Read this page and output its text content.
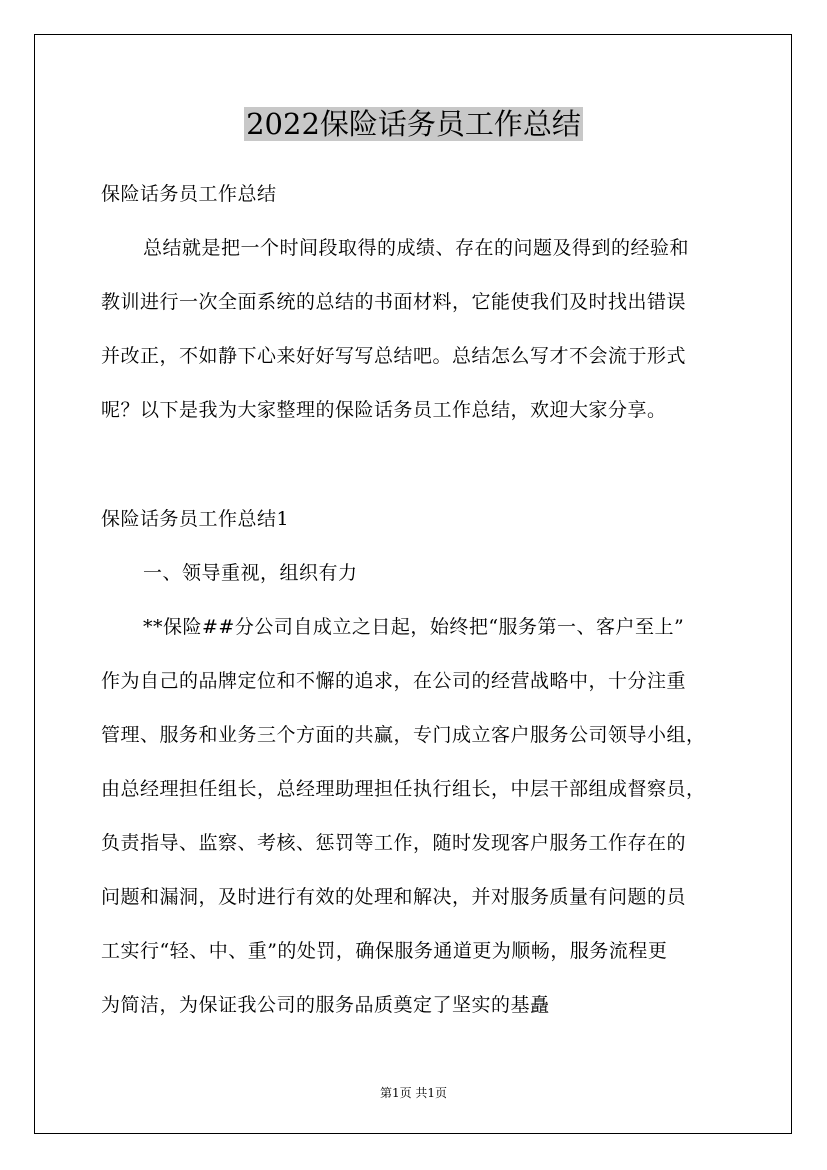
2022保险话务员工作总结

保险话务员工作总结

总结就是把一个时间段取得的成绩、存在的问题及得到的经验和

教训进行一次全面系统的总结的书面材料，它能使我们及时找出错误

并改正，不如静下心来好好写写总结吧。总结怎么写才不会流于形式

呢？以下是我为大家整理的保险话务员工作总结，欢迎大家分享。

保险话务员工作总结1

一、领导重视，组织有力

**保险##分公司自成立之日起，始终把“服务第一、客户至上”

作为自己的品牌定位和不懈的追求，在公司的经营战略中，十分注重

管理、服务和业务三个方面的共赢，专门成立客户服务公司领导小组，

由总经理担任组长，总经理助理担任执行组长，中层干部组成督察员，

负责指导、监察、考核、惩罚等工作，随时发现客户服务工作存在的

问题和漏洞，及时进行有效的处理和解决，并对服务质量有问题的员

工实行“轻、中、重”的处罚，确保服务通道更为顺畅，服务流程更

为简洁，为保证我公司的服务品质奠定了坚实的基矗

第1页 共1页
